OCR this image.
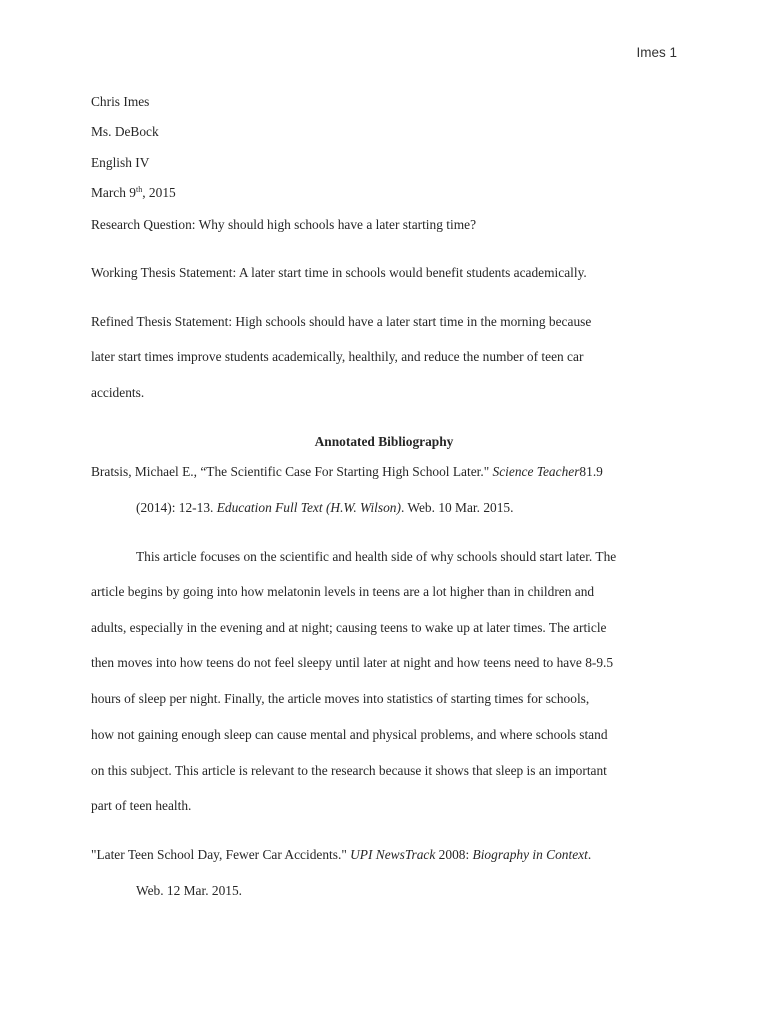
Imes 1
Chris Imes
Ms. DeBock
English IV
March 9th, 2015
Research Question: Why should high schools have a later starting time?
Working Thesis Statement: A later start time in schools would benefit students academically.
Refined Thesis Statement: High schools should have a later start time in the morning because
later start times improve students academically, healthily, and reduce the number of teen car
accidents.
Annotated Bibliography
Bratsis, Michael E., “The Scientific Case For Starting High School Later." Science Teacher81.9
(2014): 12-13. Education Full Text (H.W. Wilson). Web. 10 Mar. 2015.
This article focuses on the scientific and health side of why schools should start later. The
article begins by going into how melatonin levels in teens are a lot higher than in children and
adults, especially in the evening and at night; causing teens to wake up at later times. The article
then moves into how teens do not feel sleepy until later at night and how teens need to have 8-9.5
hours of sleep per night. Finally, the article moves into statistics of starting times for schools,
how not gaining enough sleep can cause mental and physical problems, and where schools stand
on this subject. This article is relevant to the research because it shows that sleep is an important
part of teen health.
"Later Teen School Day, Fewer Car Accidents." UPI NewsTrack 2008: Biography in Context.
Web. 12 Mar. 2015.
